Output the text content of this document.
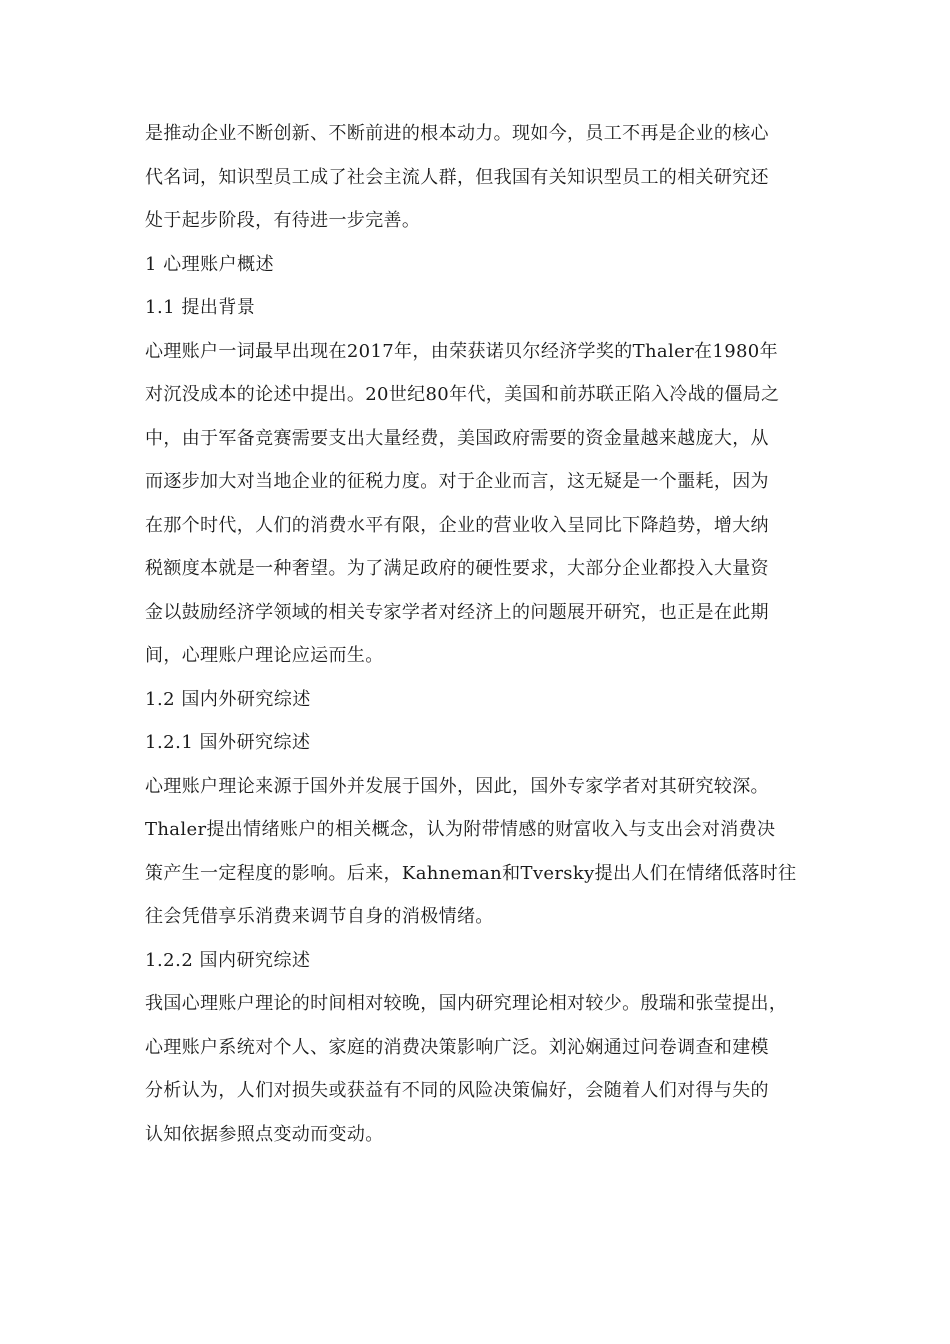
是推动企业不断创新、不断前进的根本动力。现如今，员工不再是企业的核心
代名词，知识型员工成了社会主流人群，但我国有关知识型员工的相关研究还
处于起步阶段，有待进一步完善。
1 心理账户概述
1.1 提出背景
心理账户一词最早出现在2017年，由荣获诺贝尔经济学奖的Thaler在1980年
对沉没成本的论述中提出。20世纪80年代，美国和前苏联正陷入冷战的僵局之
中，由于军备竞赛需要支出大量经费，美国政府需要的资金量越来越庞大，从
而逐步加大对当地企业的征税力度。对于企业而言，这无疑是一个噩耗，因为
在那个时代，人们的消费水平有限，企业的营业收入呈同比下降趋势，增大纳
税额度本就是一种奢望。为了满足政府的硬性要求，大部分企业都投入大量资
金以鼓励经济学领域的相关专家学者对经济上的问题展开研究，也正是在此期
间，心理账户理论应运而生。
1.2 国内外研究综述
1.2.1 国外研究综述
心理账户理论来源于国外并发展于国外，因此，国外专家学者对其研究较深。
Thaler提出情绪账户的相关概念，认为附带情感的财富收入与支出会对消费决
策产生一定程度的影响。后来，Kahneman和Tversky提出人们在情绪低落时往
往会凭借享乐消费来调节自身的消极情绪。
1.2.2 国内研究综述
我国心理账户理论的时间相对较晚，国内研究理论相对较少。殷瑞和张莹提出，
心理账户系统对个人、家庭的消费决策影响广泛。刘沁娴通过问卷调查和建模
分析认为，人们对损失或获益有不同的风险决策偏好，会随着人们对得与失的
认知依据参照点变动而变动。
